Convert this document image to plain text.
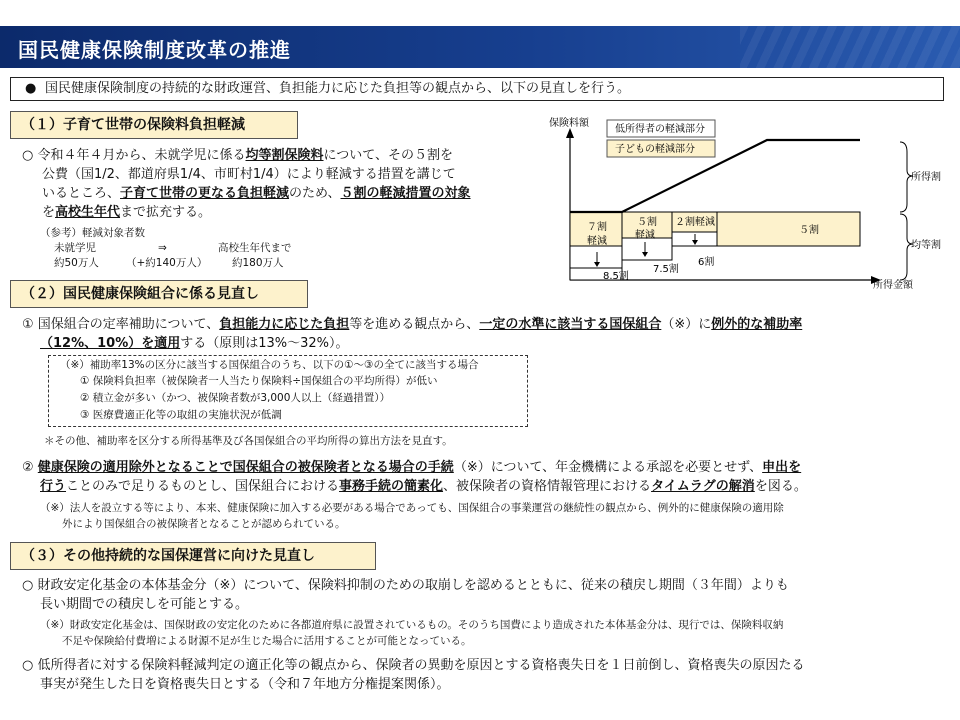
国民健康保険制度改革の推進
● 国民健康保険制度の持続的な財政運営、負担能力に応じた負担等の観点から、以下の見直しを行う。
（１）子育て世帯の保険料負担軽減
○ 令和４年４月から、未就学児に係る均等割保険料について、その５割を
公費（国1/2、都道府県1/4、市町村1/4）により軽減する措置を講じて
いるところ、子育て世帯の更なる負担軽減のため、５割の軽減措置の対象
を高校生年代まで拡充する。
（参考）軽減対象者数
未就学児	⇒	高校生年代まで
約50万人	（+約140万人） 約180万人
保険料額
所得金額
低所得者の軽減部分
子どもの軽減部分
７割
軽減
５割
軽減
２割軽減
５割
8.5割
7.5割
6割
所得割
均等割
（２）国民健康保険組合に係る見直し
① 国保組合の定率補助について、負担能力に応じた負担等を進める観点から、一定の水準に該当する国保組合（※）に例外的な補助率
（12%、10%）を適用する（原則は13%～32%）。
（※）補助率13%の区分に該当する国保組合のうち、以下の①～③の全てに該当する場合
① 保険料負担率（被保険者一人当たり保険料÷国保組合の平均所得）が低い
② 積立金が多い（かつ、被保険者数が3,000人以上（経過措置））
③ 医療費適正化等の取組の実施状況が低調
＊その他、補助率を区分する所得基準及び各国保組合の平均所得の算出方法を見直す。
② 健康保険の適用除外となることで国保組合の被保険者となる場合の手続（※）について、年金機構による承認を必要とせず、申出を
行うことのみで足りるものとし、国保組合における事務手続の簡素化、被保険者の資格情報管理におけるタイムラグの解消を図る。
（※）法人を設立する等により、本来、健康保険に加入する必要がある場合であっても、国保組合の事業運営の継続性の観点から、例外的に健康保険の適用除
外により国保組合の被保険者となることが認められている。
（３）その他持続的な国保運営に向けた見直し
○ 財政安定化基金の本体基金分（※）について、保険料抑制のための取崩しを認めるとともに、従来の積戻し期間（３年間）よりも
長い期間での積戻しを可能とする。
（※）財政安定化基金は、国保財政の安定化のために各都道府県に設置されているもの。そのうち国費により造成された本体基金分は、現行では、保険料収納
不足や保険給付費増による財源不足が生じた場合に活用することが可能となっている。
○ 低所得者に対する保険料軽減判定の適正化等の観点から、保険者の異動を原因とする資格喪失日を１日前倒し、資格喪失の原因たる
事実が発生した日を資格喪失日とする（令和７年地方分権提案関係）。
